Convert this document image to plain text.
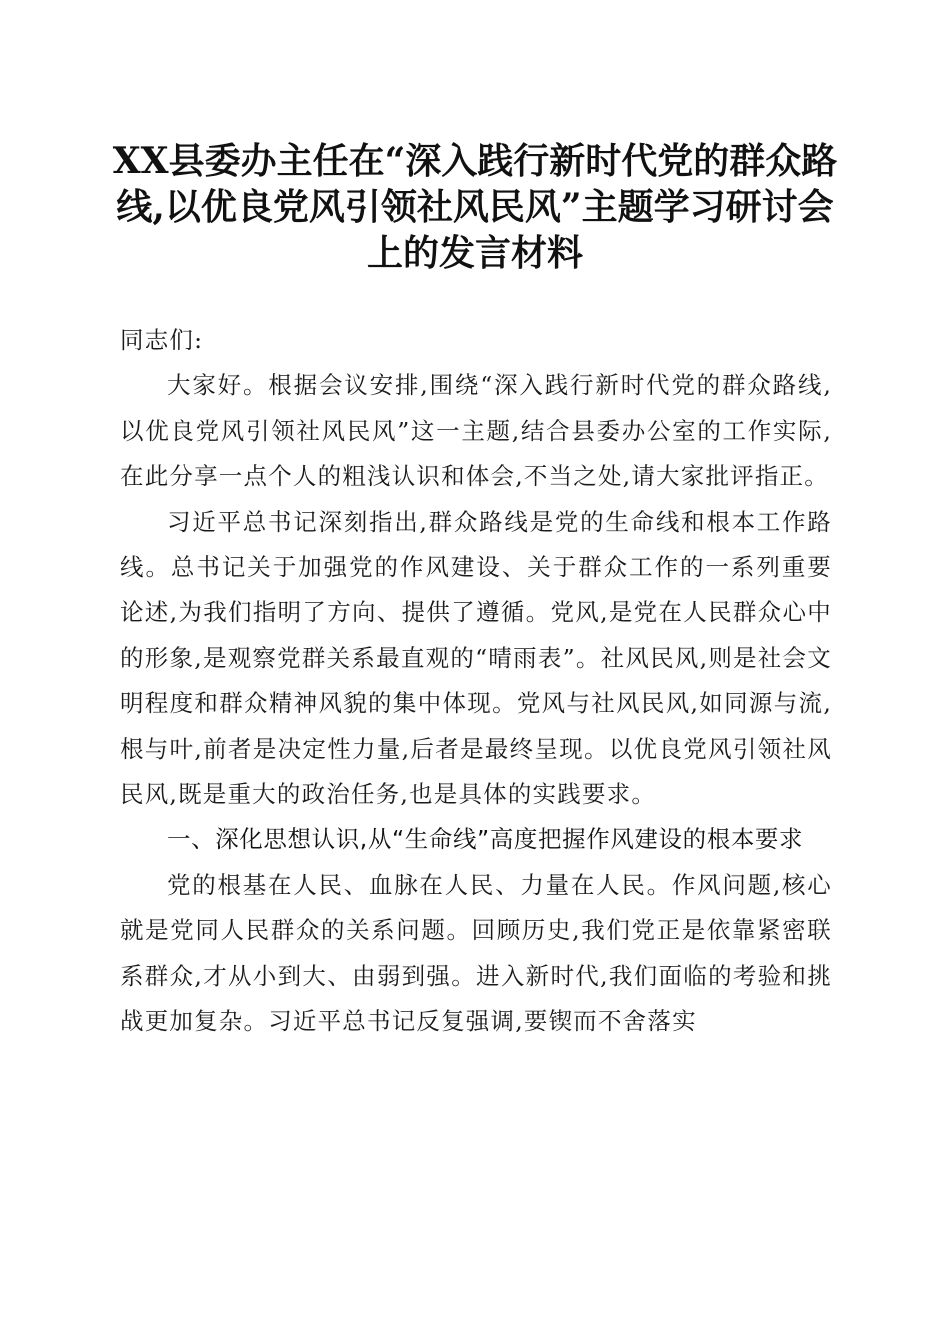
XX县委办主任在“深入践行新时代党的群众路线,以优良党风引领社风民风”主题学习研讨会上的发言材料

同志们:

大家好。根据会议安排,围绕“深入践行新时代党的群众路线,以优良党风引领社风民风”这一主题,结合县委办公室的工作实际,在此分享一点个人的粗浅认识和体会,不当之处,请大家批评指正。

习近平总书记深刻指出,群众路线是党的生命线和根本工作路线。总书记关于加强党的作风建设、关于群众工作的一系列重要论述,为我们指明了方向、提供了遵循。党风,是党在人民群众心中的形象,是观察党群关系最直观的“晴雨表”。社风民风,则是社会文明程度和群众精神风貌的集中体现。党风与社风民风,如同源与流,根与叶,前者是决定性力量,后者是最终呈现。以优良党风引领社风民风,既是重大的政治任务,也是具体的实践要求。

一、深化思想认识,从“生命线”高度把握作风建设的根本要求

党的根基在人民、血脉在人民、力量在人民。作风问题,核心就是党同人民群众的关系问题。回顾历史,我们党正是依靠紧密联系群众,才从小到大、由弱到强。进入新时代,我们面临的考验和挑战更加复杂。习近平总书记反复强调,要锲而不舍落实
